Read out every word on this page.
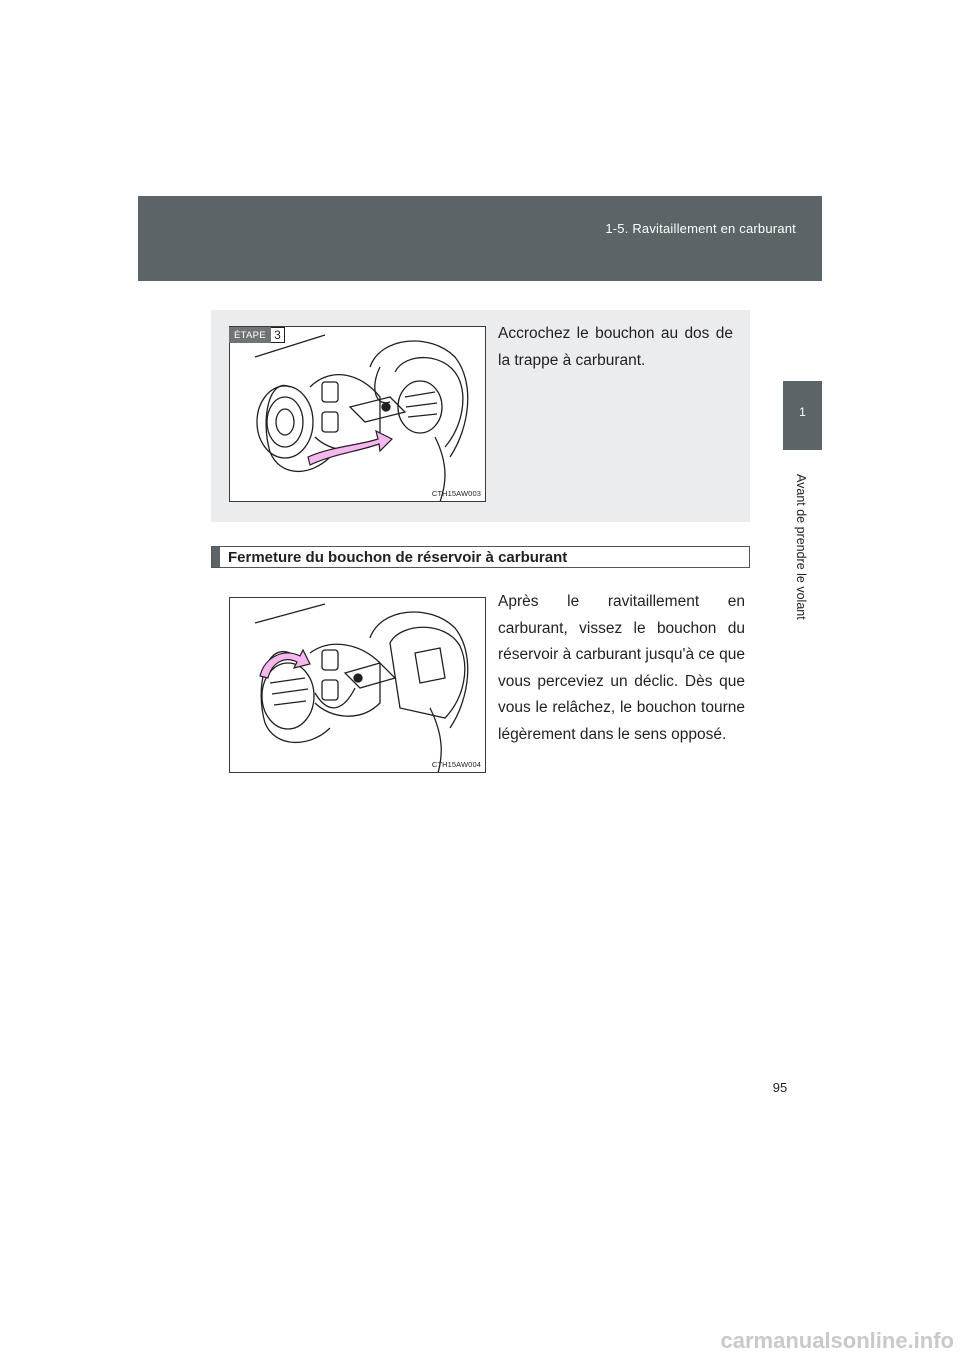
1-5. Ravitaillement en carburant
1
Avant de prendre le volant
CTH15AW003
ÉTAPE 3	Accrochez le bouchon au dos de la trappe à carburant.
Fermeture du bouchon de réservoir à carburant
CTH15AW004
Après le ravitaillement en carburant, vissez le bouchon du réservoir à carburant jusqu'à ce que vous perceviez un déclic. Dès que vous le relâchez, le bouchon tourne légèrement dans le sens opposé.
95
carmanualsonline.info
